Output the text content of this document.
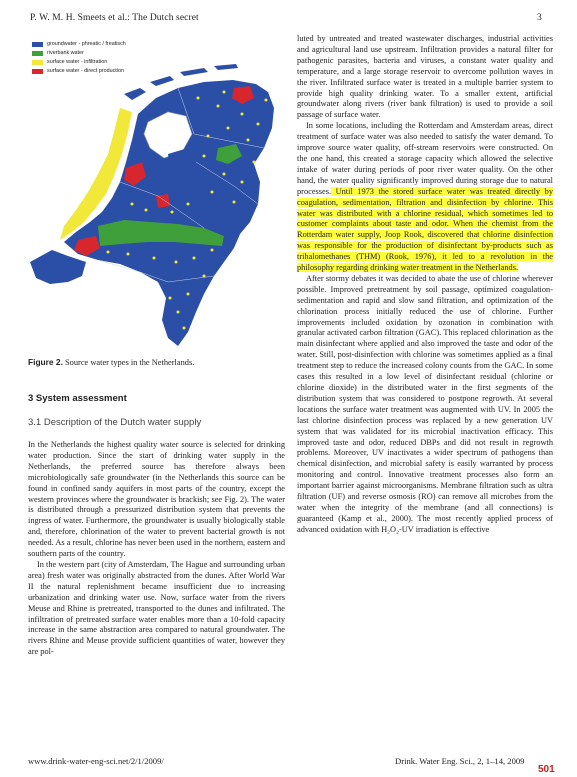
P. W. M. H. Smeets et al.: The Dutch secret	3
groundwater - phreatic / freatisch
riverbank water
surface water - infiltration
surface water - direct production
Figure 2. Source water types in the Netherlands.
3 System assessment
3.1 Description of the Dutch water supply

In the Netherlands the highest quality water source is selected for drinking water production. Since the start of drinking water supply in the Netherlands, the preferred source has therefore always been microbiologically safe groundwater (in the Netherlands this source can be found in confined sandy aquifers in most parts of the country, except the western provinces where the groundwater is brackish; see Fig. 2). The water is distributed through a pressurized distribution system that prevents the ingress of water. Furthermore, the groundwater is usually biologically stable and, therefore, chlorination of the water to prevent bacterial growth is not needed. As a result, chlorine has never been used in the northern, eastern and southern parts of the country.

In the western part (city of Amsterdam, The Hague and surrounding urban area) fresh water was originally abstracted from the dunes. After World War II the natural replenishment became insufficient due to increasing urbanization and drinking water use. Now, surface water from the rivers Meuse and Rhine is pretreated, transported to the dunes and infiltrated. The infiltration of pretreated surface water enables more than a 10-fold capacity increase in the same abstraction area compared to natural groundwater. The rivers Rhine and Meuse provide sufficient quantities of water, however they are pol-

luted by untreated and treated wastewater discharges, industrial activities and agricultural land use upstream. Infiltration provides a natural filter for pathogenic parasites, bacteria and viruses, a constant water quality and temperature, and a large storage reservoir to overcome pollution waves in the river. Infiltrated surface water is treated in a multiple barrier system to provide high quality drinking water. To a smaller extent, artificial groundwater along rivers (river bank filtration) is used to provide a soil passage of surface water.

In some locations, including the Rotterdam and Amsterdam areas, direct treatment of surface water was also needed to satisfy the water demand. To improve source water quality, off-stream reservoirs were constructed. On the one hand, this created a storage capacity which allowed the selective intake of water during periods of poor river water quality. On the other hand, the water quality significantly improved during storage due to natural processes. Until 1973 the stored surface water was treated directly by coagulation, sedimentation, filtration and disinfection by chlorine. This water was distributed with a chlorine residual, which sometimes led to customer complaints about taste and odor. When the chemist from the Rotterdam water supply, Joop Rook, discovered that chlorine disinfection was responsible for the production of disinfectant by-products such as trihalomethanes (THM) (Rook, 1976), it led to a revolution in the philosophy regarding drinking water treatment in the Netherlands.

After stormy debates it was decided to abate the use of chlorine wherever possible. Improved pretreatment by soil passage, optimized coagulation-sedimentation and rapid and slow sand filtration, and optimization of the chlorination process initially reduced the use of chlorine. Further improvements included oxidation by ozonation in combination with granular activated carbon filtration (GAC). This replaced chlorination as the main disinfectant where applied and also improved the taste and odor of the water. Still, post-disinfection with chlorine was sometimes applied as a final treatment step to reduce the increased colony counts from the GAC. In some cases this resulted in a low level of disinfectant residual (chlorine or chlorine dioxide) in the distributed water in the first segments of the distribution system that was considered to postpone regrowth. At several locations the surface water treatment was augmented with UV. In 2005 the last chlorine disinfection process was replaced by a new generation UV system that was validated for its microbial inactivation efficacy. This improved taste and odor, reduced DBPs and did not result in regrowth problems. Moreover, UV inactivates a wider spectrum of pathogens than chemical disinfection, and microbial safety is easily warranted by process monitoring and control. Innovative treatment processes also form an important barrier against microorganisms. Membrane filtration such as ultra filtration (UF) and reverse osmosis (RO) can remove all microbes from the water when the integrity of the membrane (and all connections) is guaranteed (Kamp et al., 2000). The most recently applied process of advanced oxidation with H₂O₂-UV irradiation is effective

www.drink-water-eng-sci.net/2/1/2009/	Drink. Water Eng. Sci., 2, 1–14, 2009
501
